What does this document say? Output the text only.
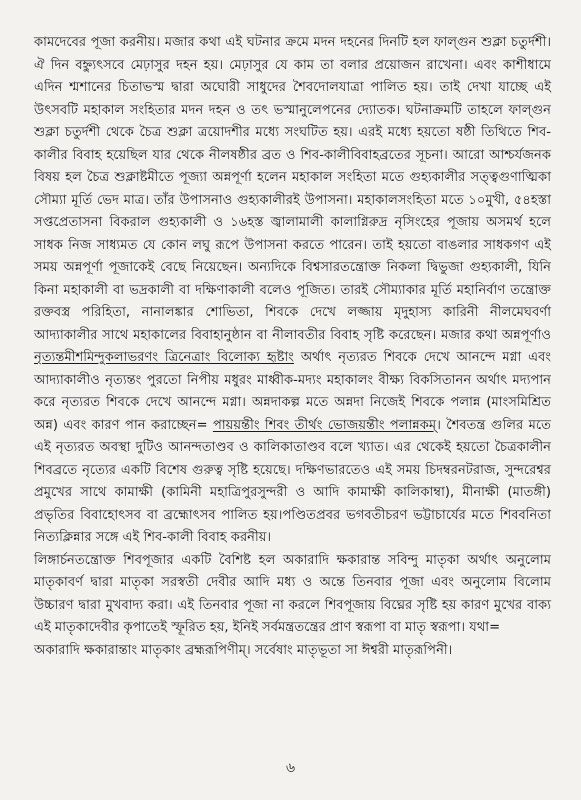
কামদেবের পূজা করনীয়। মজার কথা এই ঘটনার ক্রমে মদন দহনের দিনটি হল ফাল্গুন শুক্লা চতুর্দশী। ঐ দিন বহ্ন্যুৎসবে মেঢ়াসুর দহন হয়। মেঢ়াসুর যে কাম তা বলার প্রয়োজন রাখেনা। এবং কাশীধামে এদিন শ্মশানের চিতাভস্ম দ্বারা অঘোরী সাধুদের শৈবদোলযাত্রা পালিত হয়। তাই দেখা যাচ্ছে এই উৎসবটি মহাকাল সংহিতার মদন দহন ও তৎ ভস্মানুলেপনের দ্যোতক। ঘটনাক্রমটি তাহলে ফাল্গুন শুক্লা চতুর্দশী থেকে চৈত্র শুক্লা ত্রয়োদশীর মধ্যে সংঘটিত হয়। এরই মধ্যে হয়তো ষষ্ঠী তিথিতে শিব-কালীর বিবাহ হয়েছিল যার থেকে নীলষষ্ঠীর ব্রত ও শিব-কালীবিবাহব্রতের সূচনা। আরো আশ্চর্যজনক বিষয় হল চৈত্র শুক্লাষ্টমীতে পূজ্যা অন্নপূর্ণা হলেন মহাকাল সংহিতা মতে গুহ্যকালীর সত্ত্বগুণাত্মিকা সৌম্যা মূর্তি ভেদ মাত্র। তাঁর উপাসনাও গুহ্যকালীরই উপাসনা। মহাকালসংহিতা মতে ১০মুখী, ৫৪হস্তা সপ্তপ্রেতাসনা বিকরাল গুহ্যকালী ও ১৬হস্ত জ্বালামালী কালাগ্নিরুদ্র নৃসিংহের পূজায় অসমর্থ হলে সাধক নিজ সাধ্যমত যে কোন লঘু রূপে উপাসনা করতে পারেন। তাই হয়তো বাঙলার সাধকগণ এই সময় অন্নপূর্ণা পূজাকেই বেছে নিয়েছেন। অন্যদিকে বিশ্বসারতন্ত্রোক্ত নিকলা দ্বিভুজা গুহ্যকালী, যিনি কিনা মহাকালী বা ভদ্রকালী বা দক্ষিণাকালী বলেও পূজিত। তারই সৌম্যাকার মূর্তি মহানির্বাণ তন্ত্রোক্ত রক্তবস্ত্র পরিহিতা, নানালঙ্কার শোভিতা, শিবকে দেখে লজ্জায় মৃদুহাস্য কারিনী নীলমেঘবর্ণা আদ্যাকালীর সাথে মহাকালের বিবাহানুষ্ঠান বা নীলাবতীর বিবাহ সৃষ্টি করেছেন। মজার কথা অন্নপূর্ণাও নৃত্যন্তমীশমিন্দুকলাভরণং ত্রিনেত্রাং বিলোক্য হৃষ্টাং অর্থাৎ নৃত্যরত শিবকে দেখে আনন্দে মগ্না এবং আদ্যাকালীও নৃত্যন্তং পুরতো নিপীয় মধুরং মাধ্বীক-মদ্যং মহাকালং বীক্ষ্য বিকসিতানন অর্থাৎ মদ্যপান করে নৃত্যরত শিবকে দেখে আনন্দে মগ্না। অন্নদাকল্প মতে অন্নদা নিজেই শিবকে পলান্ন (মাংসমিশ্রিত অন্ন) এবং কারণ পান করাচ্ছেন= পায়য়ন্তীং শিবং তীর্থং ভোজয়ন্তীং পলান্নকম্। শৈবতন্ত্র গুলির মতে এই নৃত্যরত অবস্থা দুটিও আনন্দতাণ্ডব ও কালিকাতাণ্ডব বলে খ্যাত। এর থেকেই হয়তো চৈত্রকালীন শিবব্রতে নৃত্যের একটি বিশেষ গুরুত্ব সৃষ্টি হয়েছে। দক্ষিণভারতেও এই সময় চিদম্বরনটরাজ, সুন্দরেশ্বর প্রমুখের সাথে কামাক্ষী (কামিনী মহাত্রিপুরসুন্দরী ও আদি কামাক্ষী কালিকাম্বা), মীনাক্ষী (মাতঙ্গী) প্রভৃতির বিবাহোৎসব বা ব্রহ্মোৎসব পালিত হয়।পণ্ডিতপ্রবর ভগবতীচরণ ভট্টাচার্যের মতে শিববনিতা নিত্যক্লিন্নার সঙ্গে এই শিব-কালী বিবাহ করনীয়।

লিঙ্গার্চনতন্ত্রোক্ত শিবপূজার একটি বৈশিষ্ট হল অকারাদি ক্ষকারান্ত সবিন্দু মাতৃকা অর্থাৎ অনুলোম মাতৃকাবর্ণ দ্বারা মাতৃকা সরস্বতী দেবীর আদি মধ্য ও অন্তে তিনবার পূজা এবং অনুলোম বিলোম উচ্চারণ দ্বারা মুখবাদ্য করা। এই তিনবার পূজা না করলে শিবপূজায় বিঘ্নের সৃষ্টি হয় কারণ মুখের বাক্য এই মাতৃকাদেবীর কৃপাতেই স্ফূরিত হয়, ইনিই সর্বমন্ত্রতন্ত্রের প্রাণ স্বরূপা বা মাতৃ স্বরূপা। যথা=

অকারাদি ক্ষকারান্তাং মাতৃকাং ব্রহ্মরূপিণীম্। সর্বেষাং মাতৃভূতা সা ঈশ্বরী মাতৃরূপিনী।

৬
